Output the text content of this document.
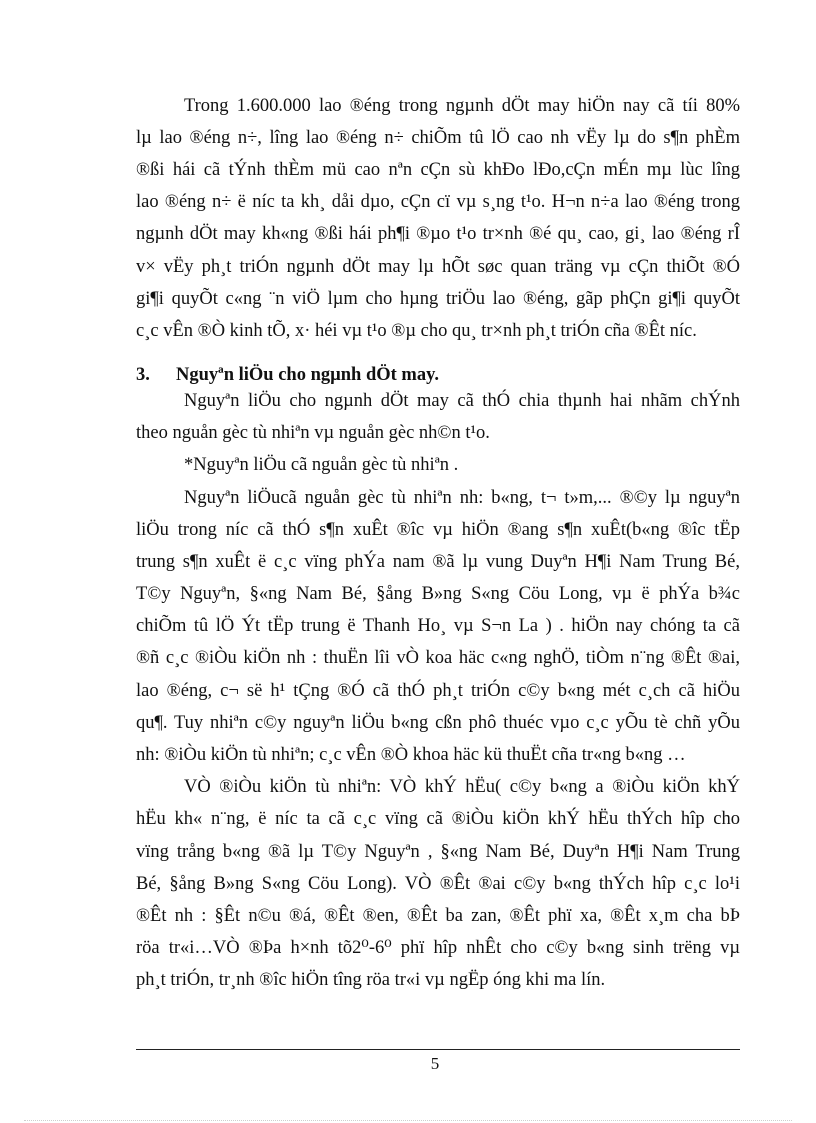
Trong 1.600.000 lao ®éng trong ngµnh dÖt may hiÖn nay cã tíi 80%
lµ lao ®éng n÷, lîng lao ®éng n÷ chiÕm tû lÖ cao nh vËy lµ do s¶n phÈm
®ßi hái cã tÝnh thÈm mü cao nªn cÇn sù khÐo lÐo,cÇn mÉn mµ lùc lîng
lao ®éng n÷ ë níc ta kh¸ dåi dµo, cÇn cï vµ s¸ng t¹o. H¬n n÷a lao ®éng trong
ngµnh dÖt may kh«ng ®ßi hái ph¶i ®µo t¹o tr×nh ®é qu¸ cao, gi¸ lao ®éng rÎ
v× vËy ph¸t triÓn ngµnh dÖt may lµ hÕt søc quan träng vµ cÇn thiÕt ®Ó
gi¶i quyÕt c«ng ¨n viÖ lµm cho hµng triÖu lao ®éng, gãp phÇn gi¶i quyÕt
c¸c vÊn ®Ò kinh tÕ, x· héi vµ t¹o ®µ cho qu¸ tr×nh ph¸t triÓn cña ®Êt níc.
3. Nguyªn liÖu cho ngµnh dÖt may.
Nguyªn liÖu cho ngµnh dÖt may cã thÓ chia thµnh hai nhãm chÝnh
theo nguån gèc tù nhiªn vµ nguån gèc nh©n t¹o.
*Nguyªn liÖu cã nguån gèc tù nhiªn .
Nguyªn liÖucã nguån gèc tù nhiªn nh: b«ng, t¬ t»m,... ®©y lµ nguyªn
liÖu trong níc cã thÓ s¶n xuÊt ®îc vµ hiÖn ®ang s¶n xuÊt(b«ng ®îc tËp
trung s¶n xuÊt ë c¸c vïng phÝa nam ®ã lµ vung Duyªn H¶i Nam Trung Bé,
T©y Nguyªn, §«ng Nam Bé, §ång B»ng S«ng Cöu Long, vµ ë phÝa b¾c
chiÕm tû lÖ Ýt tËp trung ë Thanh Ho¸ vµ S¬n La ) . hiÖn nay chóng ta cã
®ñ c¸c ®iÒu kiÖn nh : thuËn lîi vÒ koa häc c«ng nghÖ, tiÒm n¨ng ®Êt ®ai,
lao ®éng, c¬ së h¹ tÇng ®Ó cã thÓ ph¸t triÓn c©y b«ng mét c¸ch cã hiÖu
qu¶. Tuy nhiªn c©y nguyªn liÖu b«ng cßn phô thuéc vµo c¸c yÕu tè chñ yÕu
nh: ®iÒu kiÖn tù nhiªn; c¸c vÊn ®Ò khoa häc kü thuËt cña tr«ng b«ng …
VÒ ®iÒu kiÖn tù nhiªn: VÒ khÝ hËu( c©y b«ng a ®iÒu kiÖn khÝ
hËu kh« n¨ng, ë níc ta cã c¸c vïng cã ®iÒu kiÖn khÝ hËu thÝch hîp cho
vïng trång b«ng ®ã lµ T©y Nguyªn , §«ng Nam Bé, Duyªn H¶i Nam Trung
Bé, §ång B»ng S«ng Cöu Long). VÒ ®Êt ®ai c©y b«ng thÝch hîp c¸c lo¹i
®Êt nh : §Êt n©u ®á, ®Êt ®en, ®Êt ba zan, ®Êt phï xa, ®Êt x¸m cha bÞ
röa tr«i…VÒ ®Þa h×nh tõ2⁰-6⁰ phï hîp nhÊt cho c©y b«ng sinh trëng vµ
ph¸t triÓn, tr¸nh ®îc hiÖn tîng röa tr«i vµ ngËp óng khi ma lín.
5
